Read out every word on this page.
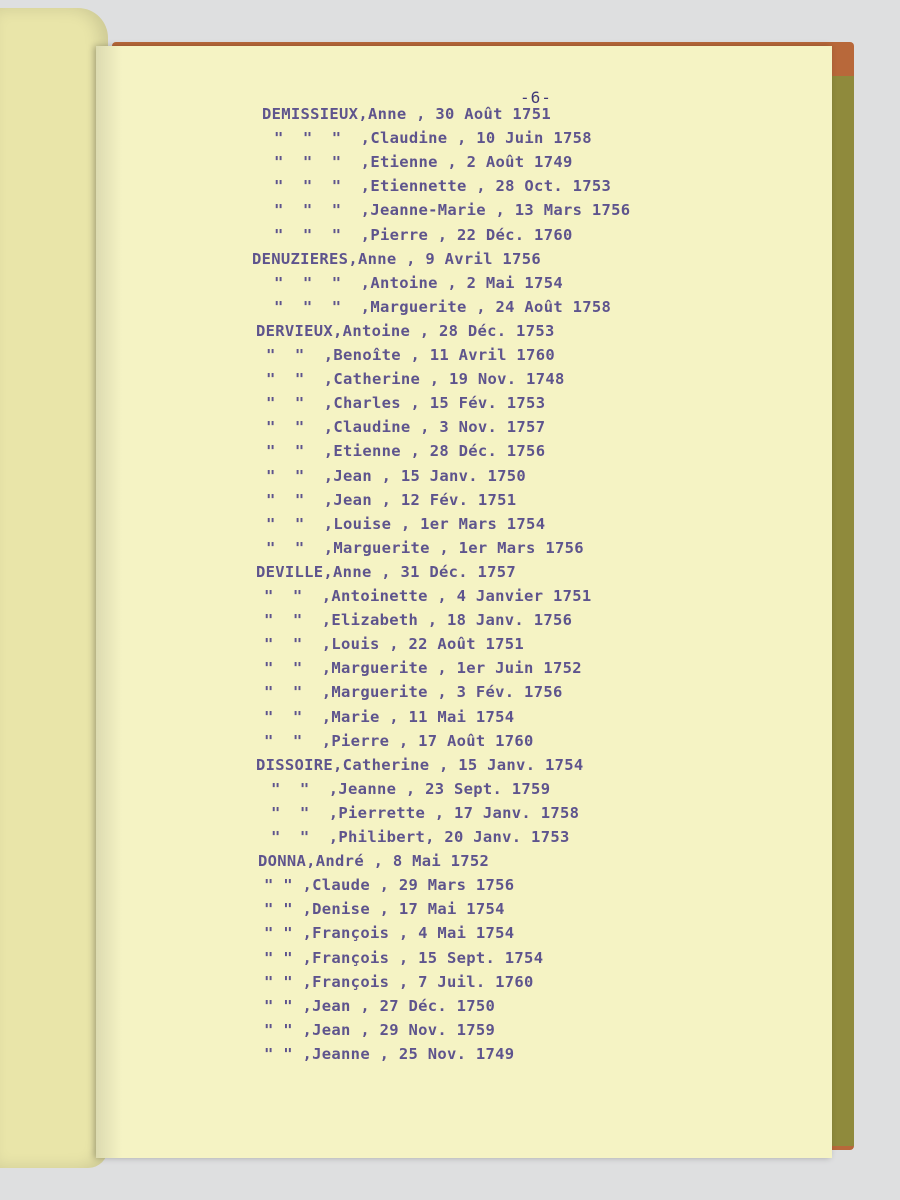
-6-
DEMISSIEUX,Anne , 30 Août 1751
"  "  "  ,Claudine , 10 Juin 1758
"  "  "  ,Etienne , 2 Août 1749
"  "  "  ,Etiennette , 28 Oct. 1753
"  "  "  ,Jeanne-Marie , 13 Mars 1756
"  "  "  ,Pierre , 22 Déc. 1760
DENUZIERES,Anne , 9 Avril 1756
"  "  "  ,Antoine , 2 Mai 1754
"  "  "  ,Marguerite , 24 Août 1758
DERVIEUX,Antoine , 28 Déc. 1753
"  "  ,Benoîte , 11 Avril 1760
"  "  ,Catherine , 19 Nov. 1748
"  "  ,Charles , 15 Fév. 1753
"  "  ,Claudine , 3 Nov. 1757
"  "  ,Etienne , 28 Déc. 1756
"  "  ,Jean , 15 Janv. 1750
"  "  ,Jean , 12 Fév. 1751
"  "  ,Louise , 1er Mars 1754
"  "  ,Marguerite , 1er Mars 1756
DEVILLE,Anne , 31 Déc. 1757
"  "  ,Antoinette , 4 Janvier 1751
"  "  ,Elizabeth , 18 Janv. 1756
"  "  ,Louis , 22 Août 1751
"  "  ,Marguerite , 1er Juin 1752
"  "  ,Marguerite , 3 Fév. 1756
"  "  ,Marie , 11 Mai 1754
"  "  ,Pierre , 17 Août 1760
DISSOIRE,Catherine , 15 Janv. 1754
"  "  ,Jeanne , 23 Sept. 1759
"  "  ,Pierrette , 17 Janv. 1758
"  "  ,Philibert, 20 Janv. 1753
DONNA,André , 8 Mai 1752
" " ,Claude , 29 Mars 1756
" " ,Denise , 17 Mai 1754
" " ,François , 4 Mai 1754
" " ,François , 15 Sept. 1754
" " ,François , 7 Juil. 1760
" " ,Jean , 27 Déc. 1750
" " ,Jean , 29 Nov. 1759
" " ,Jeanne , 25 Nov. 1749
